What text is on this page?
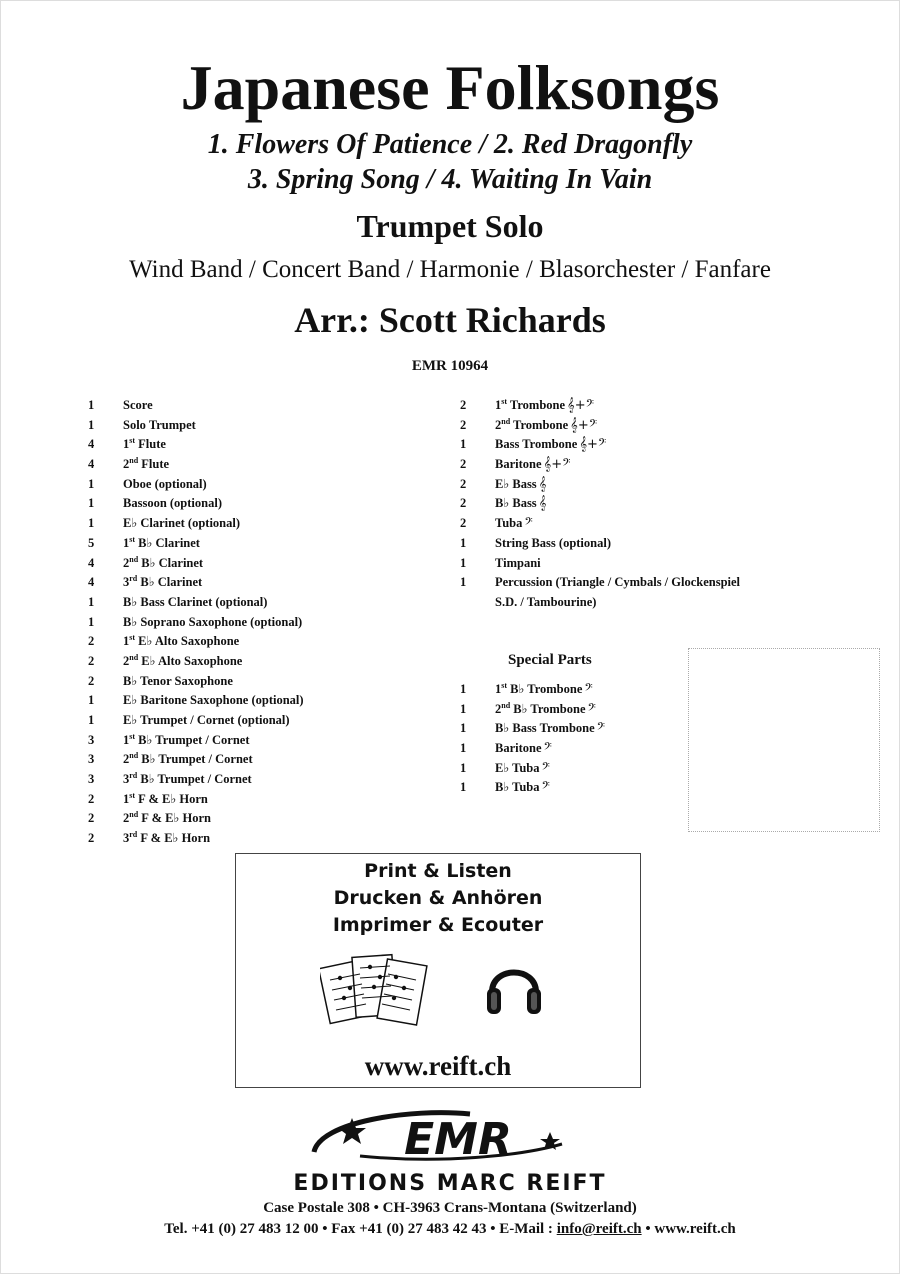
Japanese Folksongs
1. Flowers Of Patience / 2. Red Dragonfly
3. Spring Song / 4. Waiting In Vain
Trumpet Solo
Wind Band / Concert Band / Harmonie / Blasorchester / Fanfare
Arr.: Scott Richards
EMR 10964
1	Score
1	Solo Trumpet
4	1st Flute
4	2nd Flute
1	Oboe (optional)
1	Bassoon (optional)
1	E♭ Clarinet (optional)
5	1st B♭ Clarinet
4	2nd B♭ Clarinet
4	3rd B♭ Clarinet
1	B♭ Bass Clarinet (optional)
1	B♭ Soprano Saxophone (optional)
2	1st E♭ Alto Saxophone
2	2nd E♭ Alto Saxophone
2	B♭ Tenor Saxophone
1	E♭ Baritone Saxophone (optional)
1	E♭ Trumpet / Cornet (optional)
3	1st B♭ Trumpet / Cornet
3	2nd B♭ Trumpet / Cornet
3	3rd B♭ Trumpet / Cornet
2	1st F & E♭ Horn
2	2nd F & E♭ Horn
2	3rd F & E♭ Horn
2	1st Trombone 𝄞+𝄢
2	2nd Trombone 𝄞+𝄢
1	Bass Trombone 𝄞+𝄢
2	Baritone 𝄞+𝄢
2	E♭ Bass 𝄞
2	B♭ Bass 𝄞
2	Tuba 𝄢
1	String Bass (optional)
1	Timpani
1	Percussion (Triangle / Cymbals / Glockenspiel
S.D. / Tambourine)
Special Parts
1	1st B♭ Trombone 𝄢
1	2nd B♭ Trombone 𝄢
1	B♭ Bass Trombone 𝄢
1	Baritone 𝄢
1	E♭ Tuba 𝄢
1	B♭ Tuba 𝄢
Print & Listen
Drucken & Anhören
Imprimer & Ecouter
www.reift.ch
EMR
EDITIONS MARC REIFT
Case Postale 308 • CH-3963 Crans-Montana (Switzerland)
Tel. +41 (0) 27 483 12 00 • Fax +41 (0) 27 483 42 43 • E-Mail : info@reift.ch • www.reift.ch
